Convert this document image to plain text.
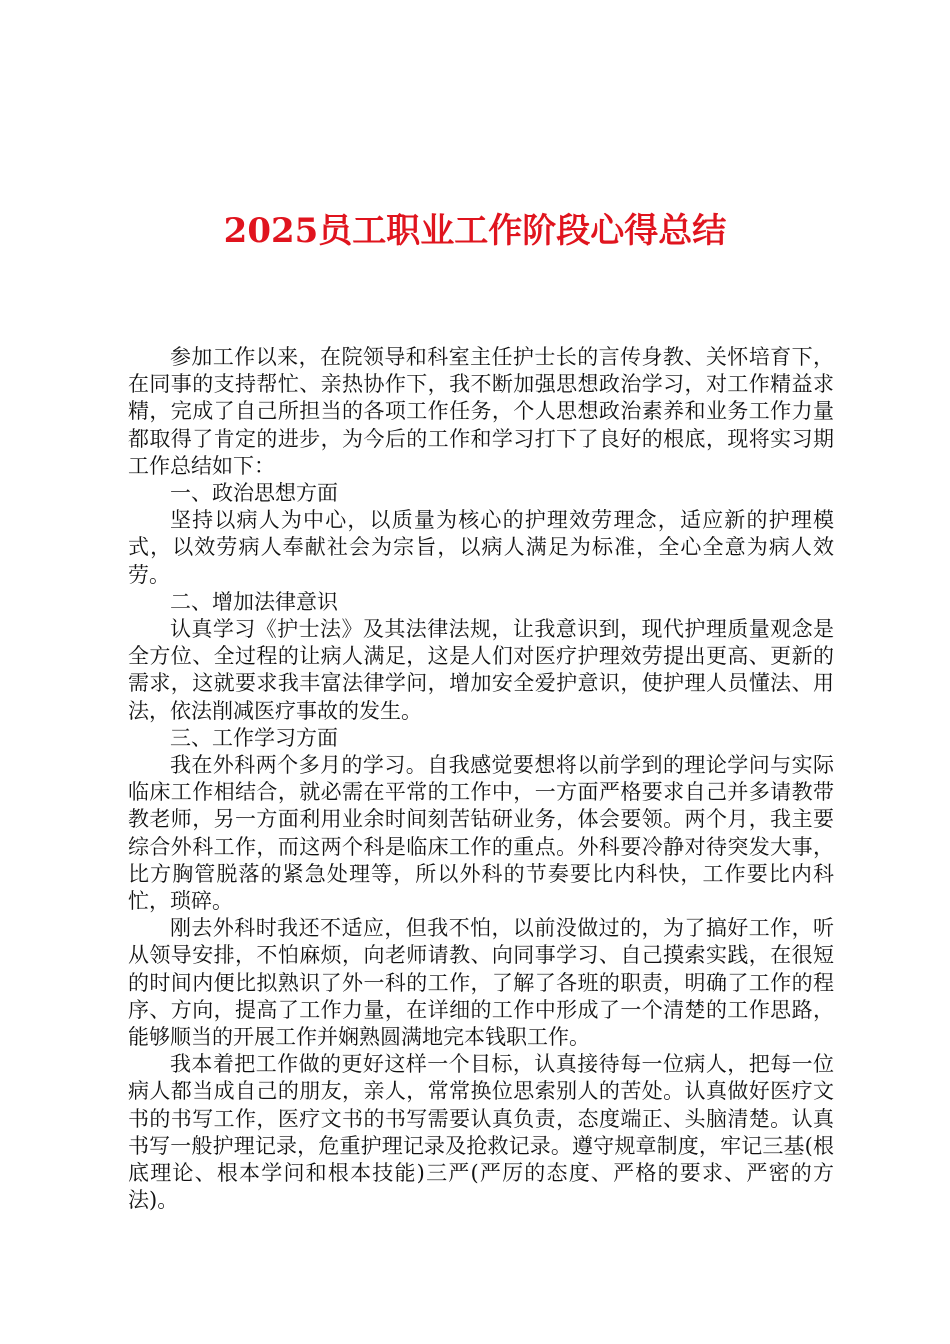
2025员工职业工作阶段心得总结

参加工作以来，在院领导和科室主任护士长的言传身教、关怀培育下，在同事的支持帮忙、亲热协作下，我不断加强思想政治学习，对工作精益求精，完成了自己所担当的各项工作任务，个人思想政治素养和业务工作力量都取得了肯定的进步，为今后的工作和学习打下了良好的根底，现将实习期工作总结如下：

一、政治思想方面

坚持以病人为中心，以质量为核心的护理效劳理念，适应新的护理模式，以效劳病人奉献社会为宗旨，以病人满足为标准，全心全意为病人效劳。

二、增加法律意识

认真学习《护士法》及其法律法规，让我意识到，现代护理质量观念是全方位、全过程的让病人满足，这是人们对医疗护理效劳提出更高、更新的需求，这就要求我丰富法律学问，增加安全爱护意识，使护理人员懂法、用法，依法削减医疗事故的发生。

三、工作学习方面

我在外科两个多月的学习。自我感觉要想将以前学到的理论学问与实际临床工作相结合，就必需在平常的工作中，一方面严格要求自己并多请教带教老师，另一方面利用业余时间刻苦钻研业务，体会要领。两个月，我主要综合外科工作，而这两个科是临床工作的重点。外科要冷静对待突发大事，比方胸管脱落的紧急处理等，所以外科的节奏要比内科快，工作要比内科忙，琐碎。

刚去外科时我还不适应，但我不怕，以前没做过的，为了搞好工作，听从领导安排，不怕麻烦，向老师请教、向同事学习、自己摸索实践，在很短的时间内便比拟熟识了外一科的工作，了解了各班的职责，明确了工作的程序、方向，提高了工作力量，在详细的工作中形成了一个清楚的工作思路，能够顺当的开展工作并娴熟圆满地完本钱职工作。

我本着把工作做的更好这样一个目标，认真接待每一位病人，把每一位病人都当成自己的朋友，亲人，常常换位思索别人的苦处。认真做好医疗文书的书写工作，医疗文书的书写需要认真负责，态度端正、头脑清楚。认真书写一般护理记录，危重护理记录及抢救记录。遵守规章制度，牢记三基(根底理论、根本学问和根本技能)三严(严厉的态度、严格的要求、严密的方法)。
